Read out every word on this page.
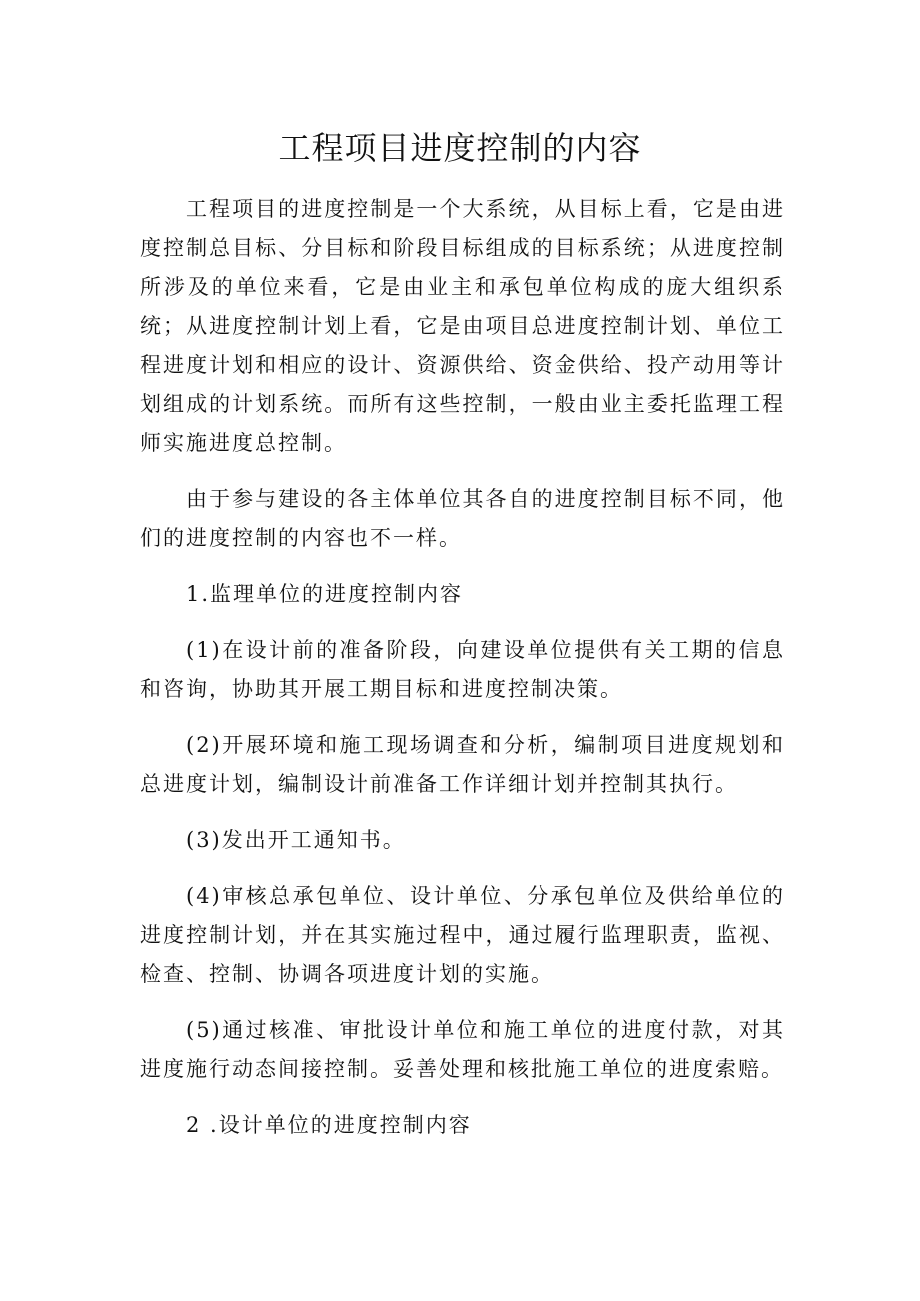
工程项目进度控制的内容

工程项目的进度控制是一个大系统，从目标上看，它是由进度控制总目标、分目标和阶段目标组成的目标系统；从进度控制所涉及的单位来看，它是由业主和承包单位构成的庞大组织系统；从进度控制计划上看，它是由项目总进度控制计划、单位工程进度计划和相应的设计、资源供给、资金供给、投产动用等计划组成的计划系统。而所有这些控制，一般由业主委托监理工程师实施进度总控制。

由于参与建设的各主体单位其各自的进度控制目标不同，他们的进度控制的内容也不一样。

1.监理单位的进度控制内容

(1)在设计前的准备阶段，向建设单位提供有关工期的信息和咨询，协助其开展工期目标和进度控制决策。

(2)开展环境和施工现场调查和分析，编制项目进度规划和总进度计划，编制设计前准备工作详细计划并控制其执行。

(3)发出开工通知书。

(4)审核总承包单位、设计单位、分承包单位及供给单位的进度控制计划，并在其实施过程中，通过履行监理职责，监视、检查、控制、协调各项进度计划的实施。

(5)通过核准、审批设计单位和施工单位的进度付款，对其进度施行动态间接控制。妥善处理和核批施工单位的进度索赔。

2 .设计单位的进度控制内容
